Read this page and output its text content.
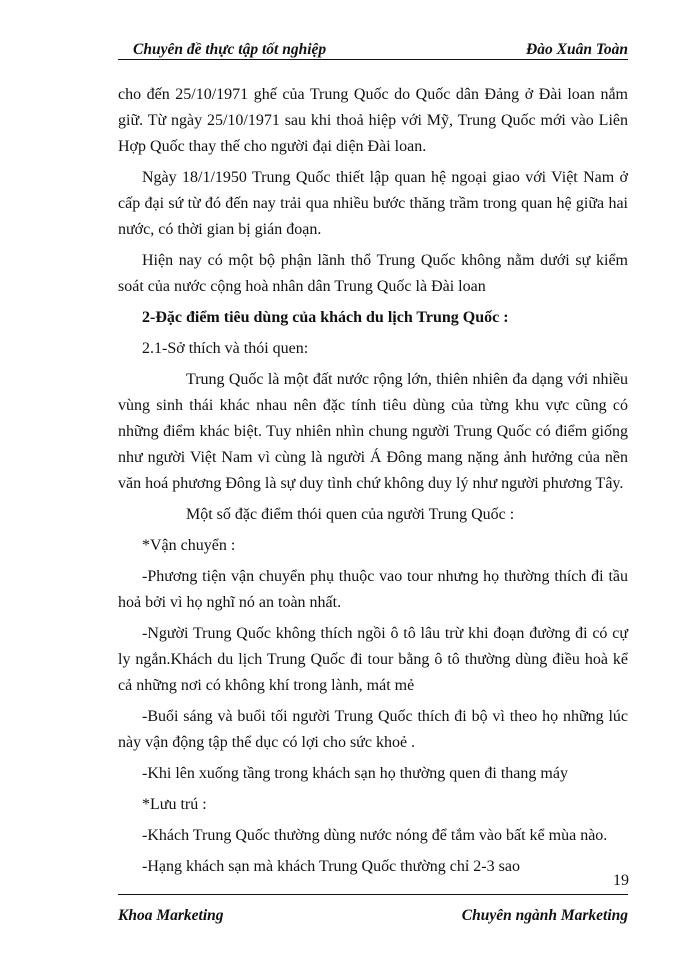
Chuyên đề thực tập tốt nghiệp	Đào Xuân Toàn

cho đến 25/10/1971 ghế của Trung Quốc do Quốc dân Đảng ở Đài loan nắm giữ. Từ ngày 25/10/1971 sau khi thoả hiệp với Mỹ, Trung Quốc mới vào Liên Hợp Quốc thay thế cho người đại diện Đài loan.

Ngày 18/1/1950 Trung Quốc thiết lập quan hệ ngoại giao với Việt Nam ở cấp đại sứ từ đó đến nay trải qua nhiều bước thăng trầm trong quan hệ giữa hai nước, có thời gian bị gián đoạn.

Hiện nay có một bộ phận lãnh thổ Trung Quốc không nằm dưới sự kiểm soát của nước cộng hoà nhân dân Trung Quốc là Đài loan

2-Đặc điểm tiêu dùng của khách du lịch Trung Quốc :

2.1-Sở thích và thói quen:

Trung Quốc là một đất nước rộng lớn, thiên nhiên đa dạng với nhiều vùng sinh thái khác nhau nên đặc tính tiêu dùng của từng khu vực cũng có những điểm khác biệt. Tuy nhiên nhìn chung người Trung Quốc có điểm giống như người Việt Nam vì cùng là người Á Đông mang nặng ảnh hưởng của nền văn hoá phương Đông là sự duy tình chứ không duy lý như người phương Tây.

Một số đặc điểm thói quen của người Trung Quốc :

*Vận chuyển :

-Phương tiện vận chuyển phụ thuộc vao tour nhưng họ thường thích đi tầu hoả bởi vì họ nghĩ nó an toàn nhất.

-Người Trung Quốc không thích ngồi ô tô lâu trừ khi đoạn đường đi có cự ly ngắn.Khách du lịch Trung Quốc đi tour bằng ô tô thường dùng điều hoà kể cả những nơi có không khí trong lành, mát mẻ

-Buổi sáng và buổi tối người Trung Quốc thích đi bộ vì theo họ những lúc này vận động tập thể dục có lợi cho sức khoẻ .

-Khi lên xuống tầng trong khách sạn họ thường quen đi thang máy

*Lưu trú :

-Khách Trung Quốc thường dùng nước nóng để tắm vào bất kể mùa nào.

-Hạng khách sạn mà khách Trung Quốc thường chỉ 2-3 sao

19
Khoa Marketing	Chuyên ngành Marketing
